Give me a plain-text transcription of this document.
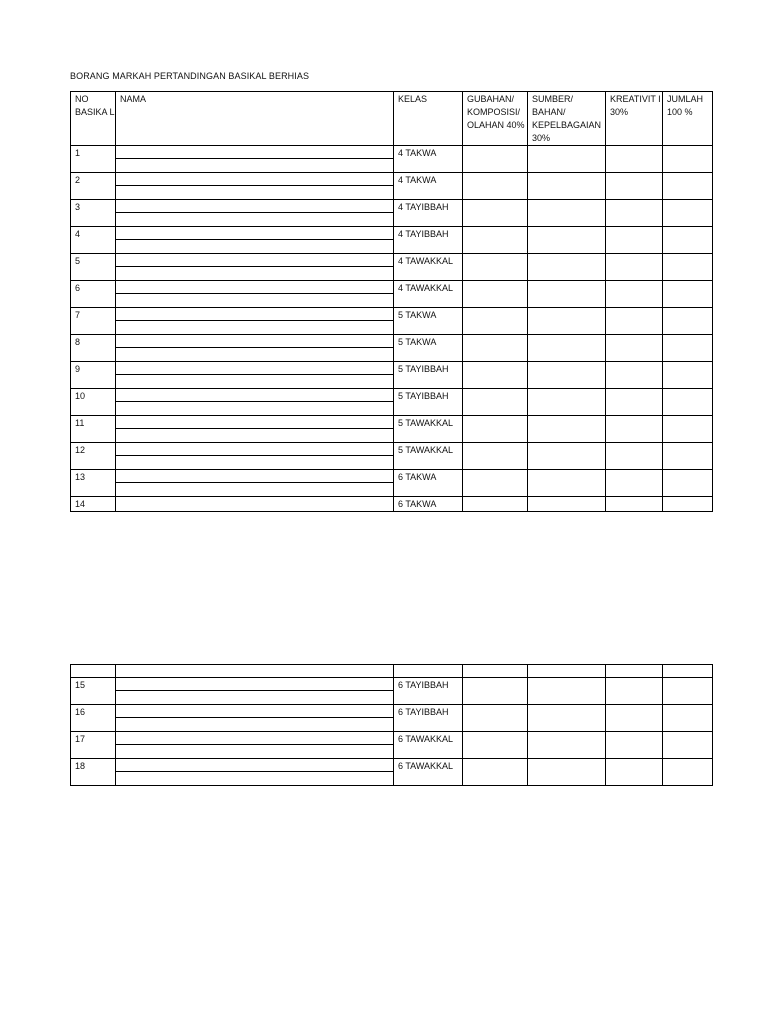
BORANG MARKAH PERTANDINGAN BASIKAL BERHIAS
NO BASIKA L	NAMA	KELAS	GUBAHAN/ KOMPOSISI/ OLAHAN 40%	SUMBER/ BAHAN/ KEPELBAGAIAN 30%	KREATIVIT I 30%	JUMLAH 100 %

1		4 TAKWA				

2		4 TAKWA				

3		4 TAYIBBAH				

4		4 TAYIBBAH				

5		4 TAWAKKAL				

6		4 TAWAKKAL				

7		5 TAKWA				

8		5 TAKWA				

9		5 TAYIBBAH				

10		5 TAYIBBAH				

11		5 TAWAKKAL				

12		5 TAWAKKAL				

13		6 TAKWA				

14		6 TAKWA				

15		6 TAYIBBAH				

16		6 TAYIBBAH				

17		6 TAWAKKAL				

18		6 TAWAKKAL				
